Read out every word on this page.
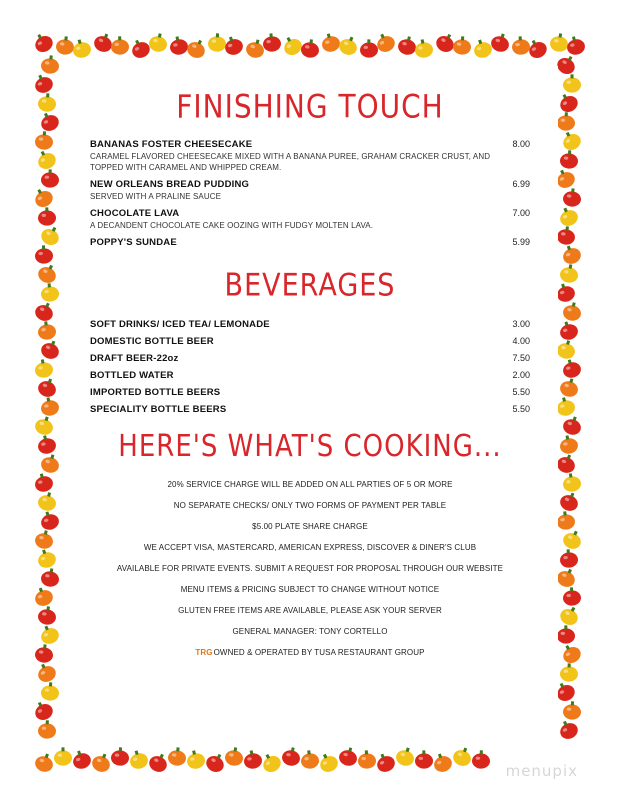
FINISHING TOUCH
BANANAS FOSTER CHEESECAKE	8.00
CARAMEL FLAVORED CHEESECAKE MIXED WITH A BANANA PUREE, GRAHAM CRACKER CRUST, AND TOPPED WITH CARAMEL AND WHIPPED CREAM.
NEW ORLEANS BREAD PUDDING	6.99
SERVED WITH A PRALINE SAUCE
CHOCOLATE LAVA	7.00
A DECANDENT CHOCOLATE CAKE OOZING WITH FUDGY MOLTEN LAVA.
POPPY'S SUNDAE	5.99
BEVERAGES
SOFT DRINKS/ ICED TEA/ LEMONADE	3.00
DOMESTIC BOTTLE BEER	4.00
DRAFT BEER-22oz	7.50
BOTTLED WATER	2.00
IMPORTED BOTTLE BEERS	5.50
SPECIALITY BOTTLE BEERS	5.50
HERE'S WHAT'S COOKING...
20% SERVICE CHARGE WILL BE ADDED ON ALL PARTIES OF 5 OR MORE
NO SEPARATE CHECKS/ ONLY TWO FORMS OF PAYMENT PER TABLE
$5.00 PLATE SHARE CHARGE
WE ACCEPT VISA, MASTERCARD, AMERICAN EXPRESS, DISCOVER & DINER'S CLUB
AVAILABLE FOR PRIVATE EVENTS. SUBMIT A REQUEST FOR PROPOSAL THROUGH OUR WEBSITE
MENU ITEMS & PRICING SUBJECT TO CHANGE WITHOUT NOTICE
GLUTEN FREE ITEMS ARE AVAILABLE, PLEASE ASK YOUR SERVER
GENERAL MANAGER: TONY CORTELLO
TRGOWNED & OPERATED BY TUSA RESTAURANT GROUP
menupix
